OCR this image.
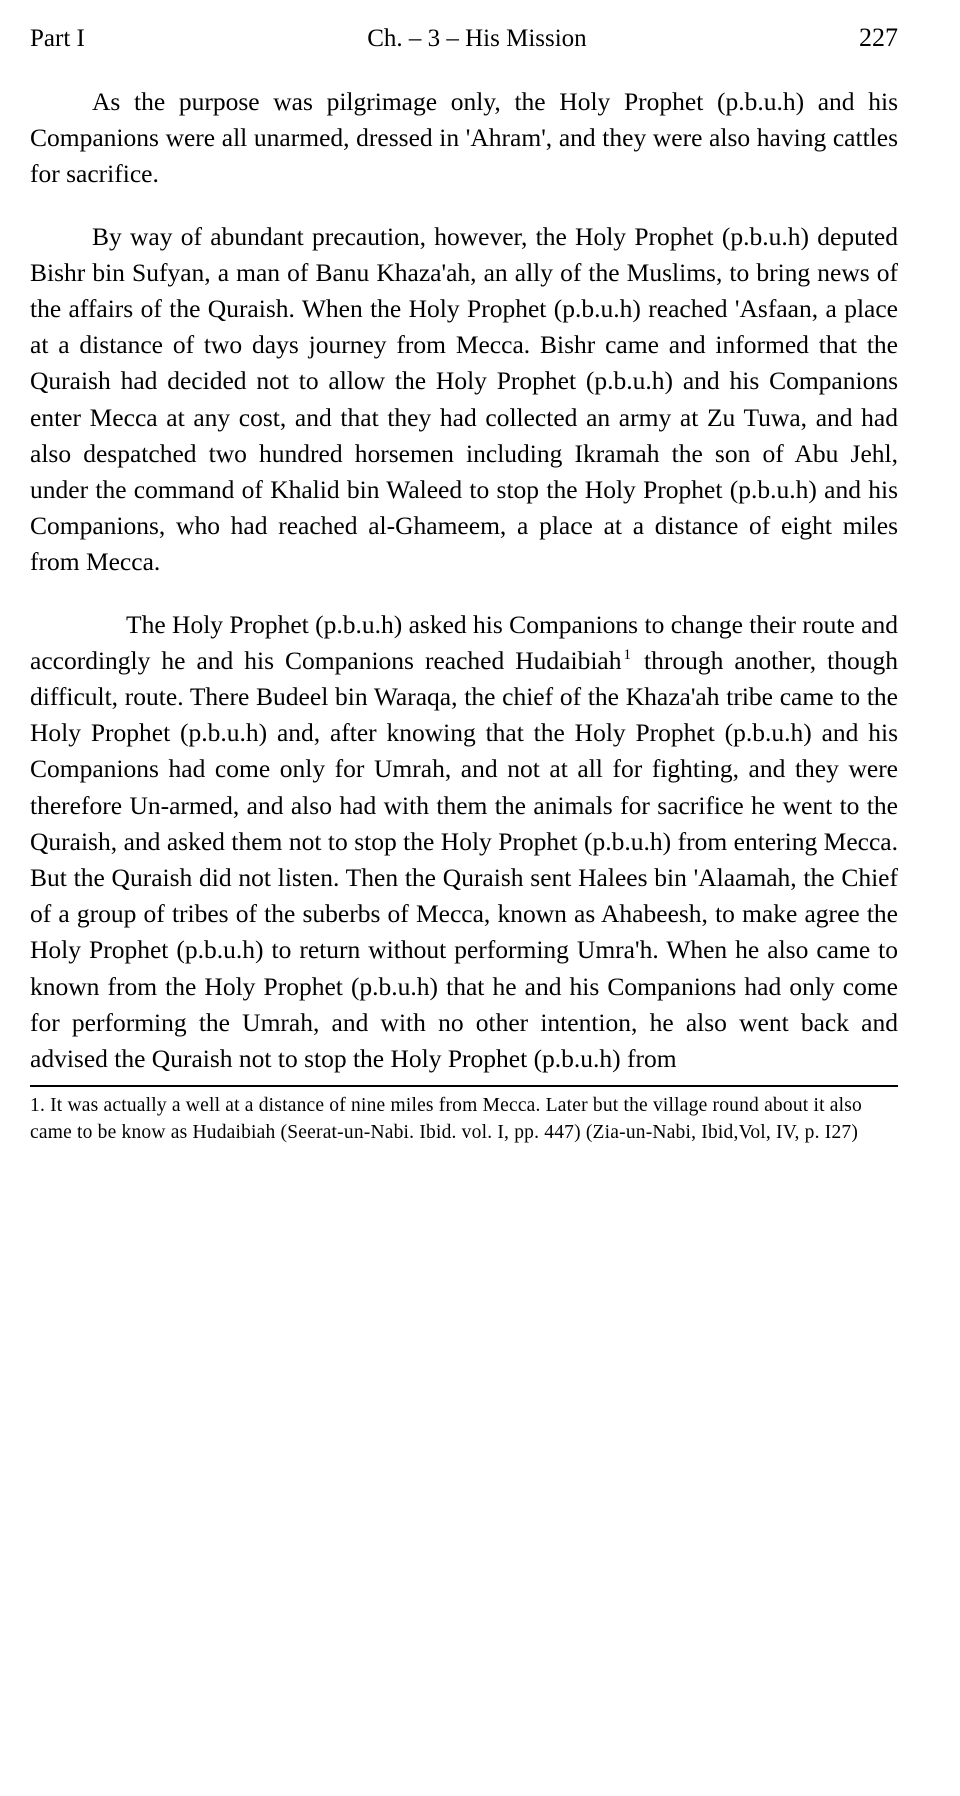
Part I	Ch. – 3 – His Mission	227

As the purpose was pilgrimage only, the Holy Prophet (p.b.u.h) and his Companions were all unarmed, dressed in 'Ahram', and they were also having cattles for sacrifice.

By way of abundant precaution, however, the Holy Prophet (p.b.u.h) deputed Bishr bin Sufyan, a man of Banu Khaza'ah, an ally of the Muslims, to bring news of the affairs of the Quraish. When the Holy Prophet (p.b.u.h) reached 'Asfaan, a place at a distance of two days journey from Mecca. Bishr came and informed that the Quraish had decided not to allow the Holy Prophet (p.b.u.h) and his Companions enter Mecca at any cost, and that they had collected an army at Zu Tuwa, and had also despatched two hundred horsemen including Ikramah the son of Abu Jehl, under the command of Khalid bin Waleed to stop the Holy Prophet (p.b.u.h) and his Companions, who had reached al-Ghameem, a place at a distance of eight miles from Mecca.

The Holy Prophet (p.b.u.h) asked his Companions to change their route and accordingly he and his Companions reached Hudaibiah $^1$ through another, though difficult, route. There Budeel bin Waraqa, the chief of the Khaza'ah tribe came to the Holy Prophet (p.b.u.h) and, after knowing that the Holy Prophet (p.b.u.h) and his Companions had come only for Umrah, and not at all for fighting, and they were therefore Un-armed, and also had with them the animals for sacrifice he went to the Quraish, and asked them not to stop the Holy Prophet (p.b.u.h) from entering Mecca. But the Quraish did not listen. Then the Quraish sent Halees bin 'Alaamah, the Chief of a group of tribes of the suberbs of Mecca, known as Ahabeesh, to make agree the Holy Prophet (p.b.u.h) to return without performing Umra'h. When he also came to known from the Holy Prophet (p.b.u.h) that he and his Companions had only come for performing the Umrah, and with no other intention, he also went back and advised the Quraish not to stop the Holy Prophet (p.b.u.h) from

1. It was actually a well at a distance of nine miles from Mecca. Later but the village round about it also came to be know as Hudaibiah (Seerat-un-Nabi. Ibid. vol. I, pp. 447) (Zia-un-Nabi, Ibid,Vol, IV, p. I27)
